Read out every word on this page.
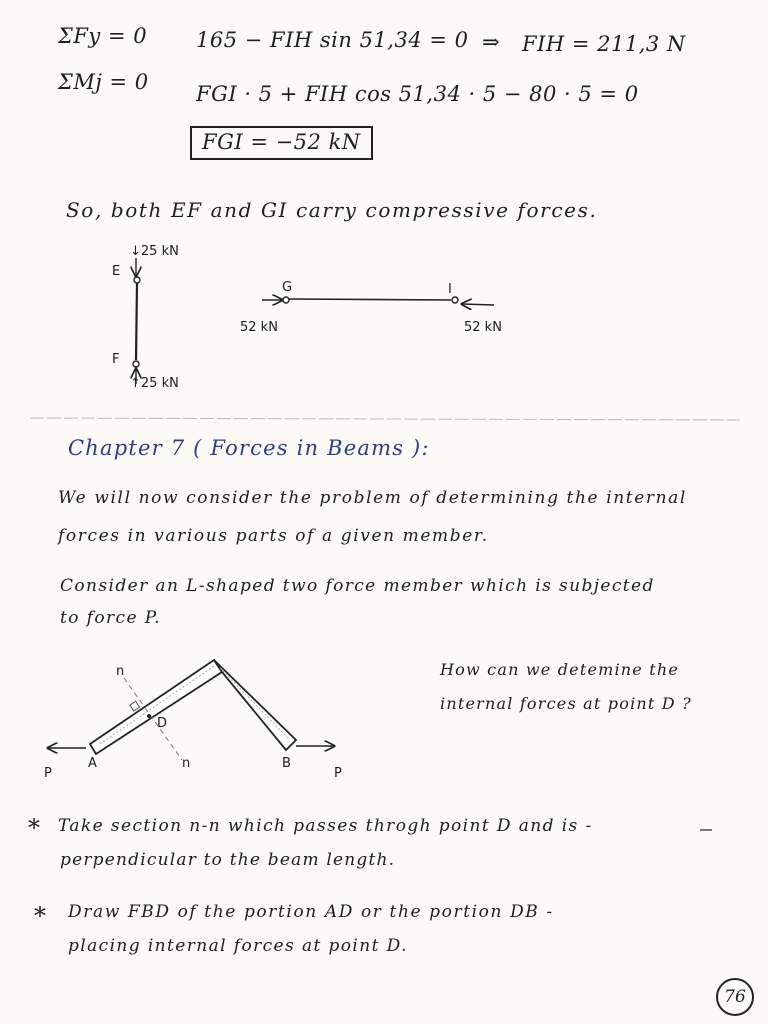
ΣFy = 0 165 − FIH sin 51,34 = 0 ⇒ FIH = 211,3 N
ΣMj = 0 FGI · 5 + FIH cos 51,34 · 5 − 80 · 5 = 0
FGI = −52 kN
So, both EF and GI carry compressive forces.
↓25 kN
E
F
↑25 kN
G	I
52 kN	52 kN
Chapter 7 ( Forces in Beams ):
We will now consider the problem of determining the internal
forces in various parts of a given member.
Consider an L-shaped two force member which is subjected
to force P.
P
A
D
n
n	B
P
How can we detemine the
internal forces at point D ?
* Take section n-n which passes throgh point D and is -
perpendicular to the beam length.
* Draw FBD of the portion AD or the portion DB -
placing internal forces at point D.
76
